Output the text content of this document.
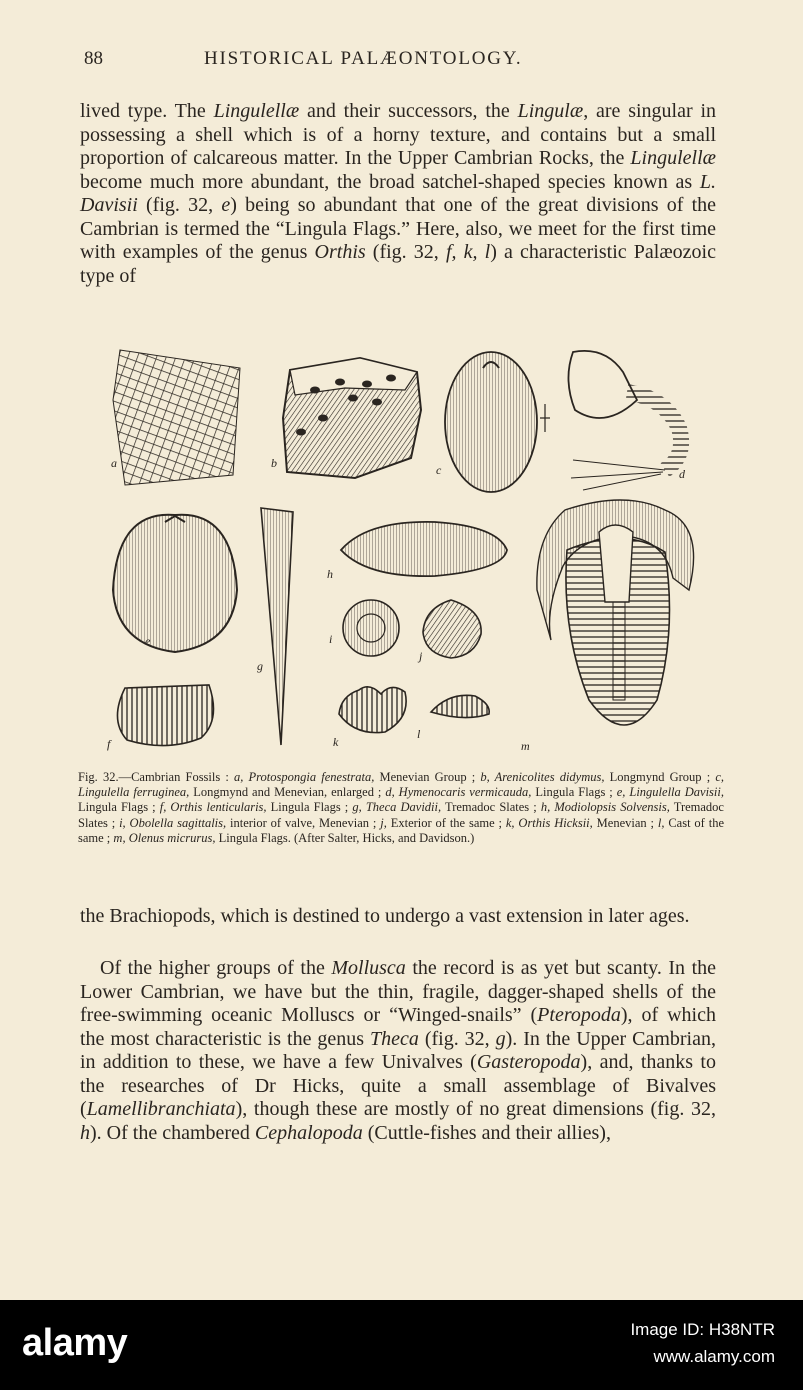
88	HISTORICAL PALÆONTOLOGY.

lived type. The Lingulellæ and their successors, the Lingulæ, are singular in possessing a shell which is of a horny texture, and contains but a small proportion of calcareous matter. In the Upper Cambrian Rocks, the Lingulellæ become much more abundant, the broad satchel-shaped species known as L. Davisii (fig. 32, e) being so abundant that one of the great divisions of the Cambrian is termed the “Lingula Flags.” Here, also, we meet for the first time with examples of the genus Orthis (fig. 32, f, k, l) a characteristic Palæozoic type of

a	b	c	d
e
g
h
i
j
f	k
l
m

Fig. 32.—Cambrian Fossils : a, Protospongia fenestrata, Menevian Group ; b, Arenicolites didymus, Longmynd Group ; c, Lingulella ferruginea, Longmynd and Menevian, enlarged ; d, Hymenocaris vermicauda, Lingula Flags ; e, Lingulella Davisii, Lingula Flags ; f, Orthis lenticularis, Lingula Flags ; g, Theca Davidii, Tremadoc Slates ; h, Modiolopsis Solvensis, Tremadoc Slates ; i, Obolella sagittalis, interior of valve, Menevian ; j, Exterior of the same ; k, Orthis Hicksii, Menevian ; l, Cast of the same ; m, Olenus micrurus, Lingula Flags. (After Salter, Hicks, and Davidson.)

the Brachiopods, which is destined to undergo a vast extension in later ages.

Of the higher groups of the Mollusca the record is as yet but scanty. In the Lower Cambrian, we have but the thin, fragile, dagger-shaped shells of the free-swimming oceanic Molluscs or “Winged-snails” (Pteropoda), of which the most characteristic is the genus Theca (fig. 32, g). In the Upper Cambrian, in addition to these, we have a few Univalves (Gasteropoda), and, thanks to the researches of Dr Hicks, quite a small assemblage of Bivalves (Lamellibranchiata), though these are mostly of no great dimensions (fig. 32, h). Of the chambered Cephalopoda (Cuttle-fishes and their allies),

alamy	Image ID: H38NTR
www.alamy.com
